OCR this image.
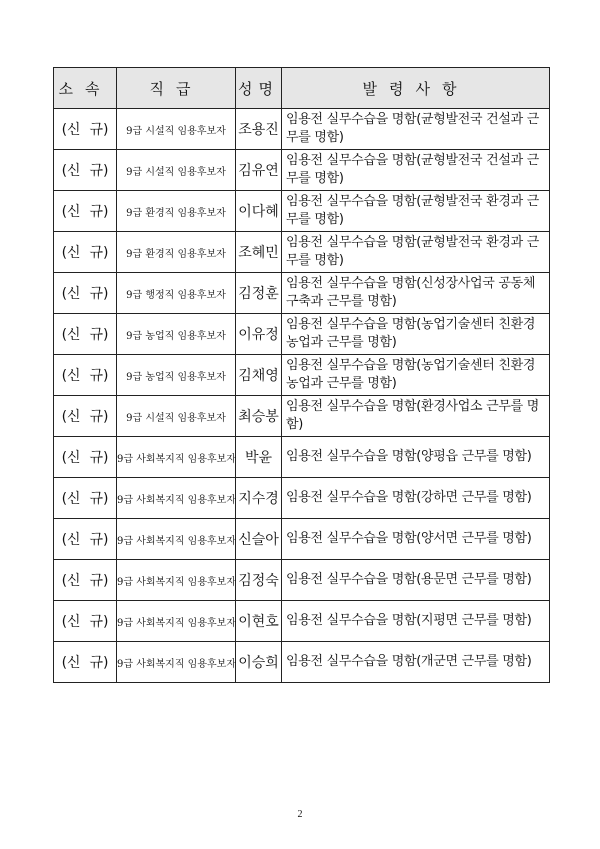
소속	직급	성명	발령사항
(신  규)	9급 시설직 임용후보자	조용진	임용전 실무수습을 명함(균형발전국 건설과 근무를 명함)
(신  규)	9급 시설직 임용후보자	김유연	임용전 실무수습을 명함(균형발전국 건설과 근무를 명함)
(신  규)	9급 환경직 임용후보자	이다혜	임용전 실무수습을 명함(균형발전국 환경과 근무를 명함)
(신  규)	9급 환경직 임용후보자	조혜민	임용전 실무수습을 명함(균형발전국 환경과 근무를 명함)
(신  규)	9급 행정직 임용후보자	김정훈	임용전 실무수습을 명함(신성장사업국 공동체구축과 근무를 명함)
(신  규)	9급 농업직 임용후보자	이유정	임용전 실무수습을 명함(농업기술센터 친환경농업과 근무를 명함)
(신  규)	9급 농업직 임용후보자	김채영	임용전 실무수습을 명함(농업기술센터 친환경농업과 근무를 명함)
(신  규)	9급 시설직 임용후보자	최승봉	임용전 실무수습을 명함(환경사업소 근무를 명함)
(신  규)	9급 사회복지직 임용후보자	박윤	임용전 실무수습을 명함(양평읍 근무를 명함)
(신  규)	9급 사회복지직 임용후보자	지수경	임용전 실무수습을 명함(강하면 근무를 명함)
(신  규)	9급 사회복지직 임용후보자	신슬아	임용전 실무수습을 명함(양서면 근무를 명함)
(신  규)	9급 사회복지직 임용후보자	김정숙	임용전 실무수습을 명함(용문면 근무를 명함)
(신  규)	9급 사회복지직 임용후보자	이현호	임용전 실무수습을 명함(지평면 근무를 명함)
(신  규)	9급 사회복지직 임용후보자	이승희	임용전 실무수습을 명함(개군면 근무를 명함)
2
